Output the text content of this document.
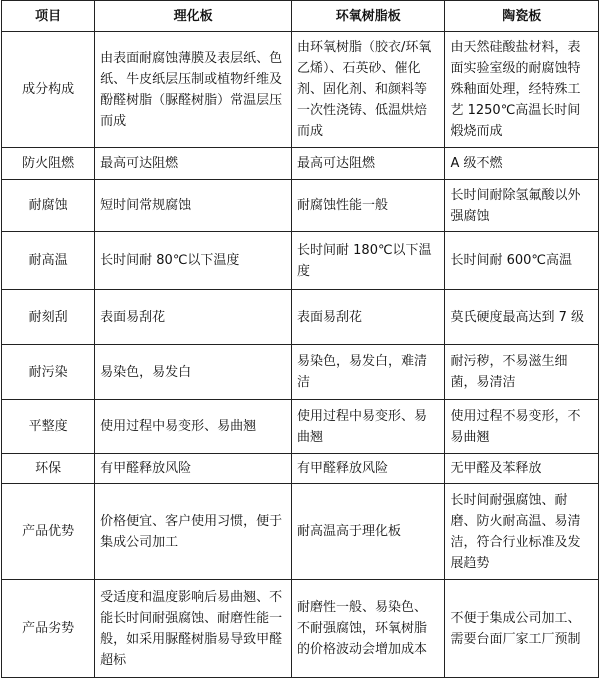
项目	理化板	环氧树脂板	陶瓷板
成分构成	由表面耐腐蚀薄膜及表层纸、色纸、牛皮纸层压制或植物纤维及酚醛树脂（脲醛树脂）常温层压而成	由环氧树脂（胶衣/环氧乙烯）、石英砂、催化剂、固化剂、和颜料等一次性浇铸、低温烘焙而成	由天然硅酸盐材料，表面实验室级的耐腐蚀特殊釉面处理，经特殊工艺 1250℃高温长时间煅烧而成
防火阻燃	最高可达阻燃	最高可达阻燃	A 级不燃
耐腐蚀	短时间常规腐蚀	耐腐蚀性能一般	长时间耐除氢氟酸以外强腐蚀
耐高温	长时间耐 80℃以下温度	长时间耐 180℃以下温度	长时间耐 600℃高温
耐刻刮	表面易刮花	表面易刮花	莫氏硬度最高达到 7 级
耐污染	易染色，易发白	易染色，易发白，难清洁	耐污秽，不易滋生细菌，易清洁
平整度	使用过程中易变形、易曲翘	使用过程中易变形、易曲翘	使用过程不易变形，不易曲翘
环保	有甲醛释放风险	有甲醛释放风险	无甲醛及苯释放
产品优势	价格便宜、客户使用习惯，便于集成公司加工	耐高温高于理化板	长时间耐强腐蚀、耐磨、防火耐高温、易清洁，符合行业标准及发展趋势
产品劣势	受适度和温度影响后易曲翘、不能长时间耐强腐蚀、耐磨性能一般，如采用脲醛树脂易导致甲醛超标	耐磨性一般、易染色、不耐强腐蚀，环氧树脂的价格波动会增加成本	不便于集成公司加工、需要台面厂家工厂预制
